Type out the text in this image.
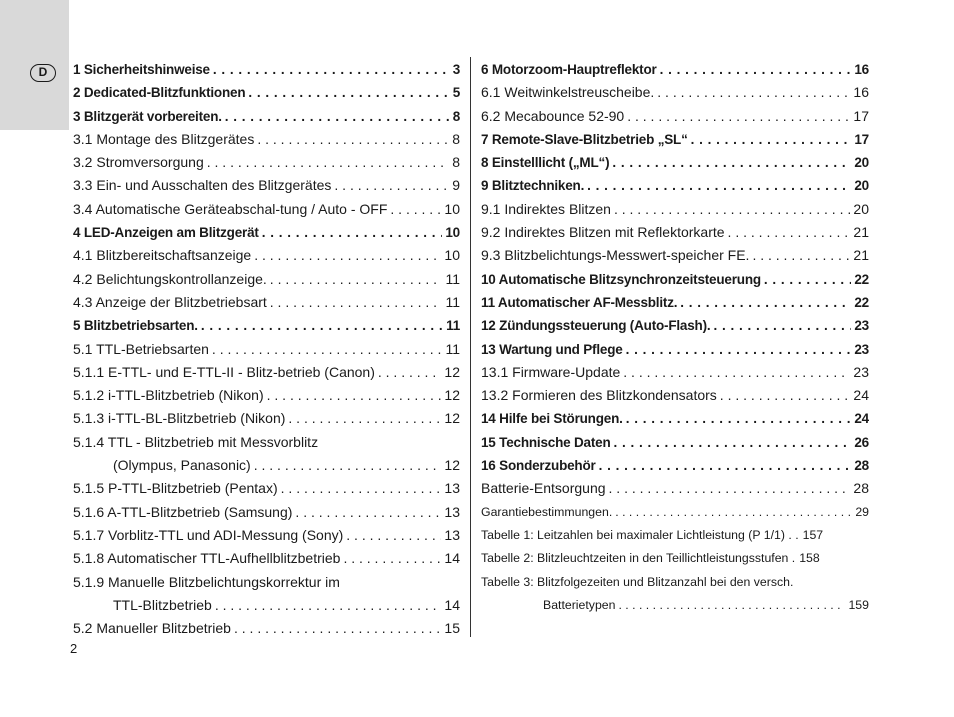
D	1 Sicherheitshinweise . . .	3
2 Dedicated-Blitzfunktionen . . .	5
3 Blitzgerät vorbereiten. . . .	8
3.1 Montage des Blitzgerätes . . .	8
3.2 Stromversorgung . . .	8
3.3 Ein- und Ausschalten des Blitzgerätes . . .	9
3.4 Automatische Geräteabschal-tung / Auto - OFF . . .	10
4 LED-Anzeigen am Blitzgerät . . .	10
4.1 Blitzbereitschaftsanzeige . . .	10
4.2 Belichtungskontrollanzeige. . . .	11
4.3 Anzeige der Blitzbetriebsart . . .	11
5 Blitzbetriebsarten. . . .	11
5.1 TTL-Betriebsarten . . .	11
5.1.1 E-TTL- und E-TTL-II - Blitz-betrieb (Canon) . . .	12
5.1.2 i-TTL-Blitzbetrieb (Nikon) . . .	12
5.1.3 i-TTL-BL-Blitzbetrieb (Nikon) . . .	12
5.1.4 TTL - Blitzbetrieb mit Messvorblitz
(Olympus, Panasonic) . . .	12
5.1.5 P-TTL-Blitzbetrieb (Pentax) . . .	13
5.1.6 A-TTL-Blitzbetrieb (Samsung) . . .	13
5.1.7 Vorblitz-TTL und ADI-Messung (Sony) . . .	13
5.1.8 Automatischer TTL-Aufhellblitzbetrieb . . .	14
5.1.9 Manuelle Blitzbelichtungskorrektur im
TTL-Blitzbetrieb . . .	14
5.2 Manueller Blitzbetrieb . . .	15
6 Motorzoom-Hauptreflektor . . .	16
6.1 Weitwinkelstreuscheibe. . . .	16
6.2 Mecabounce 52-90 . . .	17
7 Remote-Slave-Blitzbetrieb „SL“ . . .	17
8 Einstelllicht („ML“) . . .	20
9 Blitztechniken. . . .	20
9.1 Indirektes Blitzen . . .	20
9.2 Indirektes Blitzen mit Reflektorkarte . . .	21
9.3 Blitzbelichtungs-Messwert-speicher FE. . . .	21
10 Automatische Blitzsynchronzeitsteuerung . . .	22
11 Automatischer AF-Messblitz. . . .	22
12 Zündungssteuerung (Auto-Flash). . . .	23
13 Wartung und Pflege . . .	23
13.1 Firmware-Update . . .	23
13.2 Formieren des Blitzkondensators . . .	24
14 Hilfe bei Störungen. . . .	24
15 Technische Daten . . .	26
16 Sonderzubehör . . .	28
Batterie-Entsorgung . . .	28
Garantiebestimmungen. . . .	29
Tabelle 1: Leitzahlen bei maximaler Lichtleistung (P 1/1) . . 157
Tabelle 2: Blitzleuchtzeiten in den Teillichtleistungsstufen . 158
Tabelle 3: Blitzfolgezeiten und Blitzanzahl bei den versch.
Batterietypen . . .	159
2
